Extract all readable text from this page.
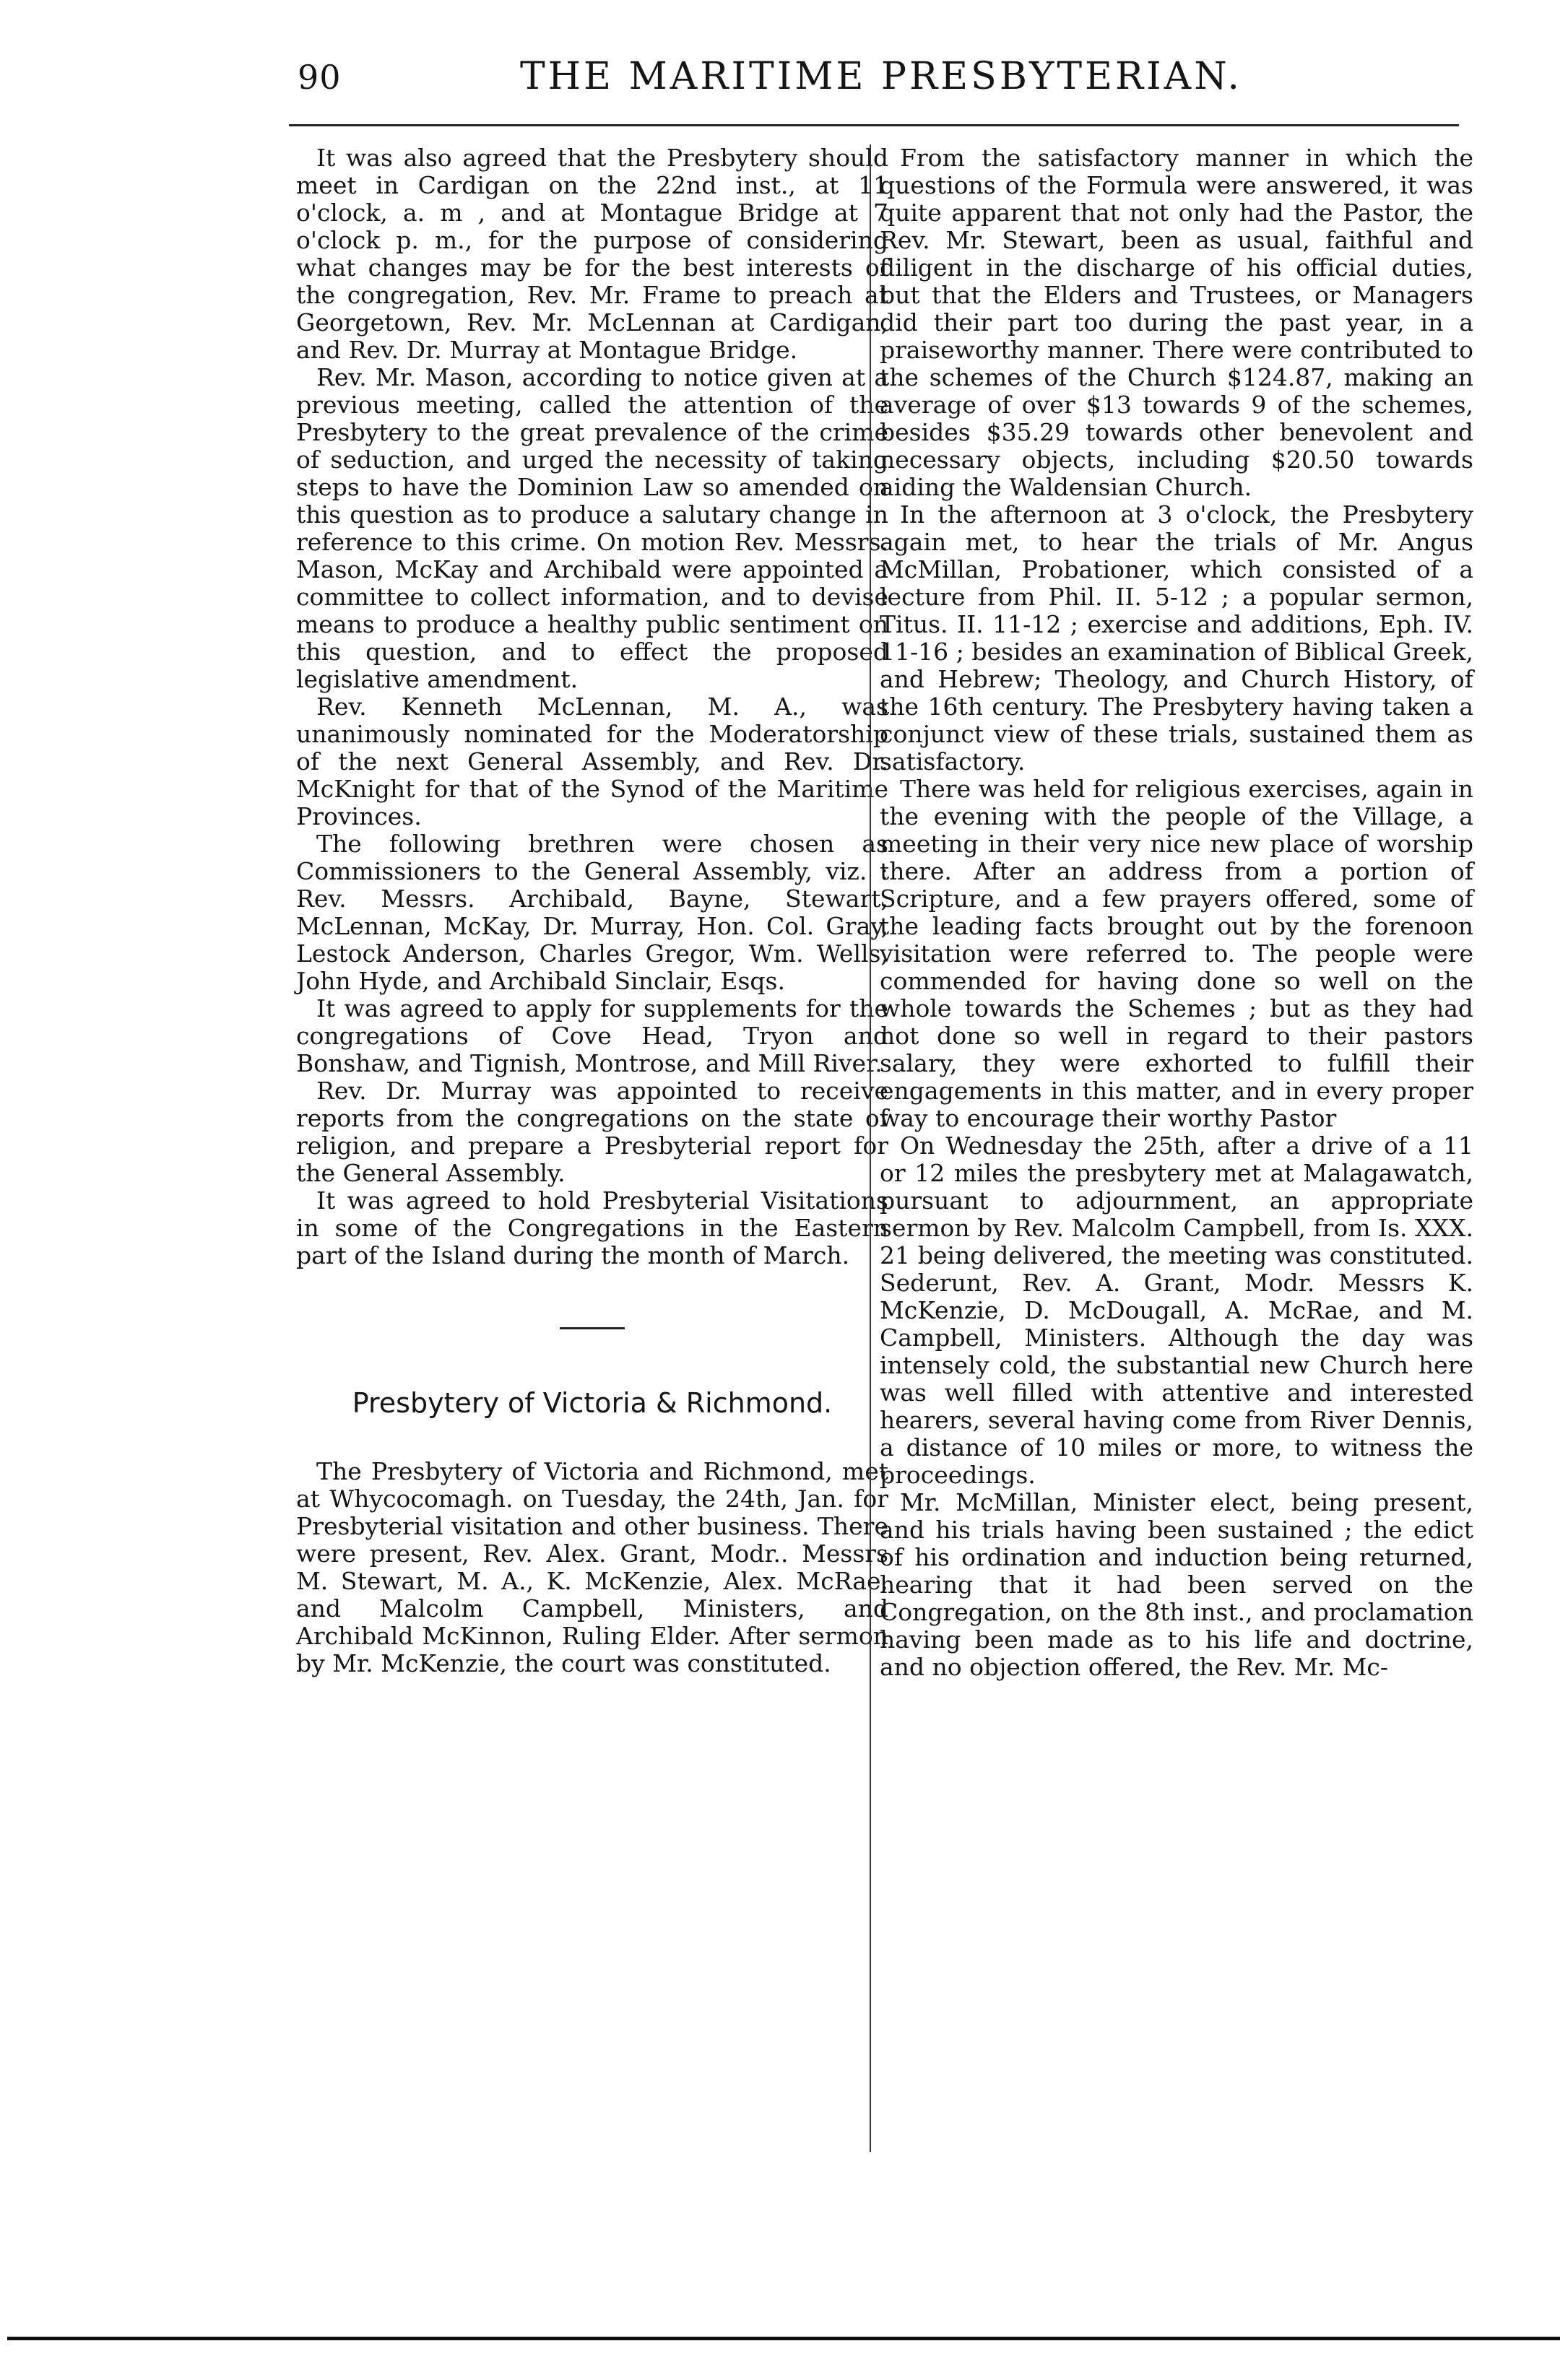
90	THE MARITIME PRESBYTERIAN.

It was also agreed that the Presbytery should meet in Cardigan on the 22nd inst., at 11 o'clock, a. m , and at Montague Bridge at 7 o'clock p. m., for the purpose of considering what changes may be for the best interests of the congregation, Rev. Mr. Frame to preach at Georgetown, Rev. Mr. McLennan at Cardigan, and Rev. Dr. Murray at Montague Bridge.

Rev. Mr. Mason, according to notice given at a previous meeting, called the attention of the Presbytery to the great prevalence of the crime of seduction, and urged the necessity of taking steps to have the Dominion Law so amended on this question as to produce a salutary change in reference to this crime. On motion Rev. Messrs. Mason, McKay and Archibald were appointed a committee to collect information, and to devise means to produce a healthy public sentiment on this question, and to effect the proposed legislative amendment.

Rev. Kenneth McLennan, M. A., was unanimously nominated for the Moderatorship of the next General Assembly, and Rev. Dr. McKnight for that of the Synod of the Maritime Provinces.

The following brethren were chosen as Commissioners to the General Assembly, viz. : Rev. Messrs. Archibald, Bayne, Stewart, McLennan, McKay, Dr. Murray, Hon. Col. Gray, Lestock Anderson, Charles Gregor, Wm. Wells, John Hyde, and Archibald Sinclair, Esqs.

It was agreed to apply for supplements for the congregations of Cove Head, Tryon and Bonshaw, and Tignish, Montrose, and Mill River.

Rev. Dr. Murray was appointed to receive reports from the congregations on the state of religion, and prepare a Presbyterial report for the General Assembly.

It was agreed to hold Presbyterial Visitations in some of the Congregations in the Eastern part of the Island during the month of March.

Presbytery of Victoria & Richmond.

The Presbytery of Victoria and Richmond, met at Whycocomagh. on Tuesday, the 24th, Jan. for Presbyterial visitation and other business. There were present, Rev. Alex. Grant, Modr.. Messrs M. Stewart, M. A., K. McKenzie, Alex. McRae, and Malcolm Campbell, Ministers, and Archibald McKinnon, Ruling Elder. After sermon by Mr. McKenzie, the court was constituted.

From the satisfactory manner in which the questions of the Formula were answered, it was quite apparent that not only had the Pastor, the Rev. Mr. Stewart, been as usual, faithful and diligent in the discharge of his official duties, but that the Elders and Trustees, or Managers did their part too during the past year, in a praiseworthy manner. There were contributed to the schemes of the Church $124.87, making an average of over $13 towards 9 of the schemes, besides $35.29 towards other benevolent and necessary objects, including $20.50 towards aiding the Waldensian Church.

In the afternoon at 3 o'clock, the Presbytery again met, to hear the trials of Mr. Angus McMillan, Probationer, which consisted of a lecture from Phil. II. 5-12 ; a popular sermon, Titus. II. 11-12 ; exercise and additions, Eph. IV. 11-16 ; besides an examination of Biblical Greek, and Hebrew; Theology, and Church History, of the 16th century. The Presbytery having taken a conjunct view of these trials, sustained them as satisfactory.

There was held for religious exercises, again in the evening with the people of the Village, a meeting in their very nice new place of worship there. After an address from a portion of Scripture, and a few prayers offered, some of the leading facts brought out by the forenoon visitation were referred to. The people were commended for having done so well on the whole towards the Schemes ; but as they had not done so well in regard to their pastors salary, they were exhorted to fulfill their engagements in this matter, and in every proper way to encourage their worthy Pastor

On Wednesday the 25th, after a drive of a 11 or 12 miles the presbytery met at Malagawatch, pursuant to adjournment, an appropriate sermon by Rev. Malcolm Campbell, from Is. XXX. 21 being delivered, the meeting was constituted. Sederunt, Rev. A. Grant, Modr. Messrs K. McKenzie, D. McDougall, A. McRae, and M. Campbell, Ministers. Although the day was intensely cold, the substantial new Church here was well filled with attentive and interested hearers, several having come from River Dennis, a distance of 10 miles or more, to witness the proceedings.

Mr. McMillan, Minister elect, being present, and his trials having been sustained ; the edict of his ordination and induction being returned, hearing that it had been served on the Congregation, on the 8th inst., and proclamation having been made as to his life and doctrine, and no objection offered, the Rev. Mr. Mc-
